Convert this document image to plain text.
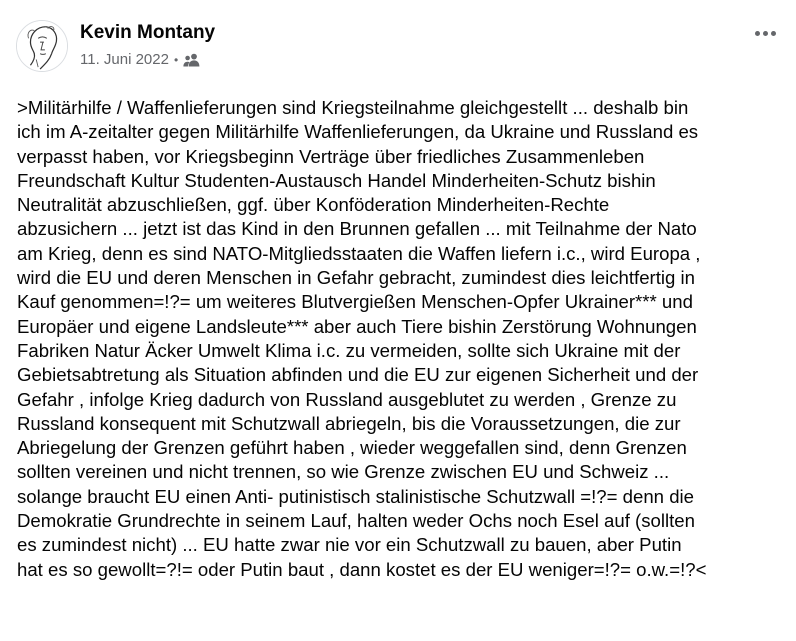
Kevin Montany
11. Juni 2022 •
>Militärhilfe / Waffenlieferungen sind Kriegsteilnahme gleichgestellt ... deshalb bin
ich im A-zeitalter gegen Militärhilfe Waffenlieferungen, da Ukraine und Russland es
verpasst haben, vor Kriegsbeginn Verträge über friedliches Zusammenleben
Freundschaft Kultur Studenten-Austausch Handel Minderheiten-Schutz bishin
Neutralität abzuschließen, ggf. über Konföderation Minderheiten-Rechte
abzusichern ... jetzt ist das Kind in den Brunnen gefallen ... mit Teilnahme der Nato
am Krieg, denn es sind NATO-Mitgliedsstaaten die Waffen liefern i.c., wird Europa ,
wird die EU und deren Menschen in Gefahr gebracht, zumindest dies leichtfertig in
Kauf genommen=!?= um weiteres Blutvergießen Menschen-Opfer Ukrainer*** und
Europäer und eigene Landsleute*** aber auch Tiere bishin Zerstörung Wohnungen
Fabriken Natur Äcker Umwelt Klima i.c. zu vermeiden, sollte sich Ukraine mit der
Gebietsabtretung als Situation abfinden und die EU zur eigenen Sicherheit und der
Gefahr , infolge Krieg dadurch von Russland ausgeblutet zu werden , Grenze zu
Russland konsequent mit Schutzwall abriegeln, bis die Voraussetzungen, die zur
Abriegelung der Grenzen geführt haben , wieder weggefallen sind, denn Grenzen
sollten vereinen und nicht trennen, so wie Grenze zwischen EU und Schweiz ...
solange braucht EU einen Anti- putinistisch stalinistische Schutzwall =!?= denn die
Demokratie Grundrechte in seinem Lauf, halten weder Ochs noch Esel auf (sollten
es zumindest nicht) ... EU hatte zwar nie vor ein Schutzwall zu bauen, aber Putin
hat es so gewollt=?!= oder Putin baut , dann kostet es der EU weniger=!?= o.w.=!?<
